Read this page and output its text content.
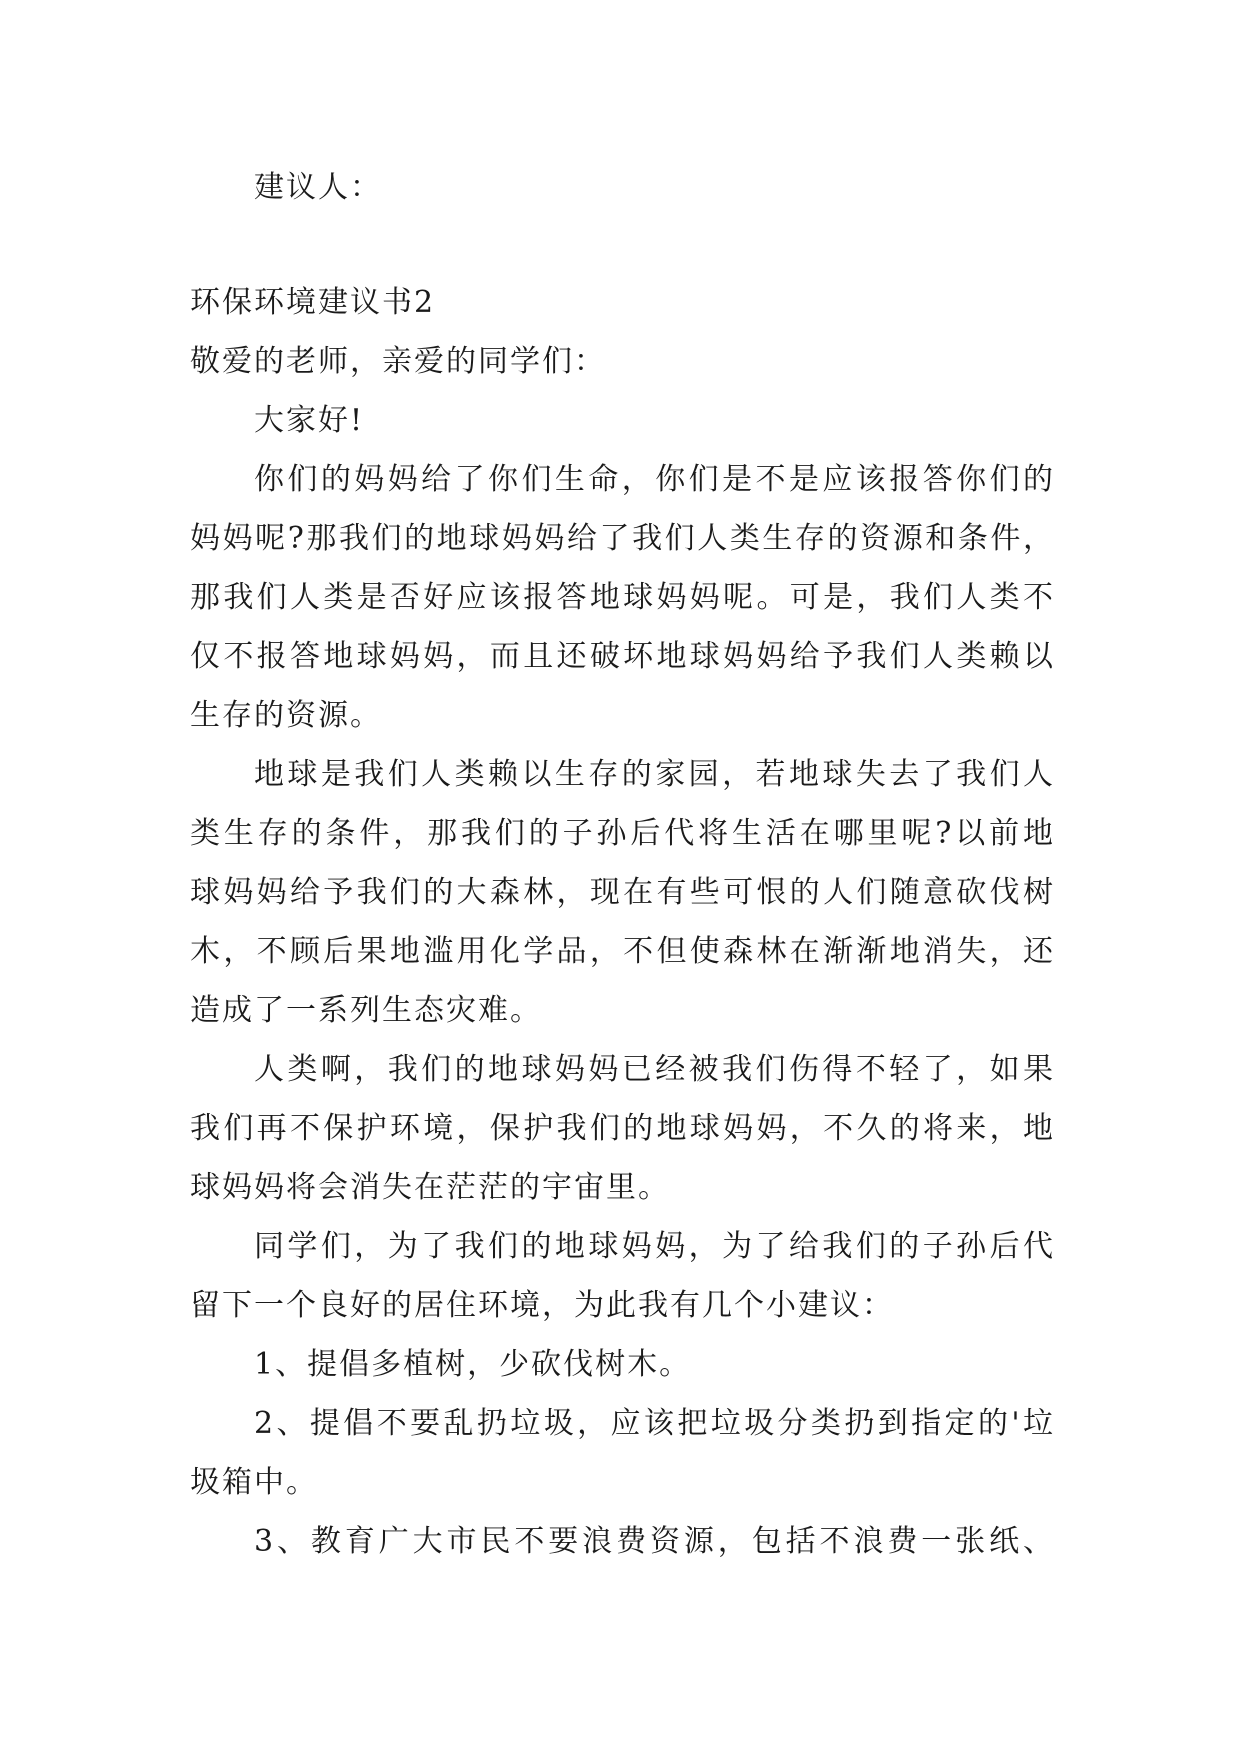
建议人：
环保环境建议书2
敬爱的老师，亲爱的同学们：
大家好!
你们的妈妈给了你们生命，你们是不是应该报答你们的
妈妈呢?那我们的地球妈妈给了我们人类生存的资源和条件，
那我们人类是否好应该报答地球妈妈呢。可是，我们人类不
仅不报答地球妈妈，而且还破坏地球妈妈给予我们人类赖以
生存的资源。
地球是我们人类赖以生存的家园，若地球失去了我们人
类生存的条件，那我们的子孙后代将生活在哪里呢?以前地
球妈妈给予我们的大森林，现在有些可恨的人们随意砍伐树
木，不顾后果地滥用化学品，不但使森林在渐渐地消失，还
造成了一系列生态灾难。
人类啊，我们的地球妈妈已经被我们伤得不轻了，如果
我们再不保护环境，保护我们的地球妈妈，不久的将来，地
球妈妈将会消失在茫茫的宇宙里。
同学们，为了我们的地球妈妈，为了给我们的子孙后代
留下一个良好的居住环境，为此我有几个小建议：
1、提倡多植树，少砍伐树木。
2、提倡不要乱扔垃圾，应该把垃圾分类扔到指定的'垃
圾箱中。
3、教育广大市民不要浪费资源，包括不浪费一张纸、
